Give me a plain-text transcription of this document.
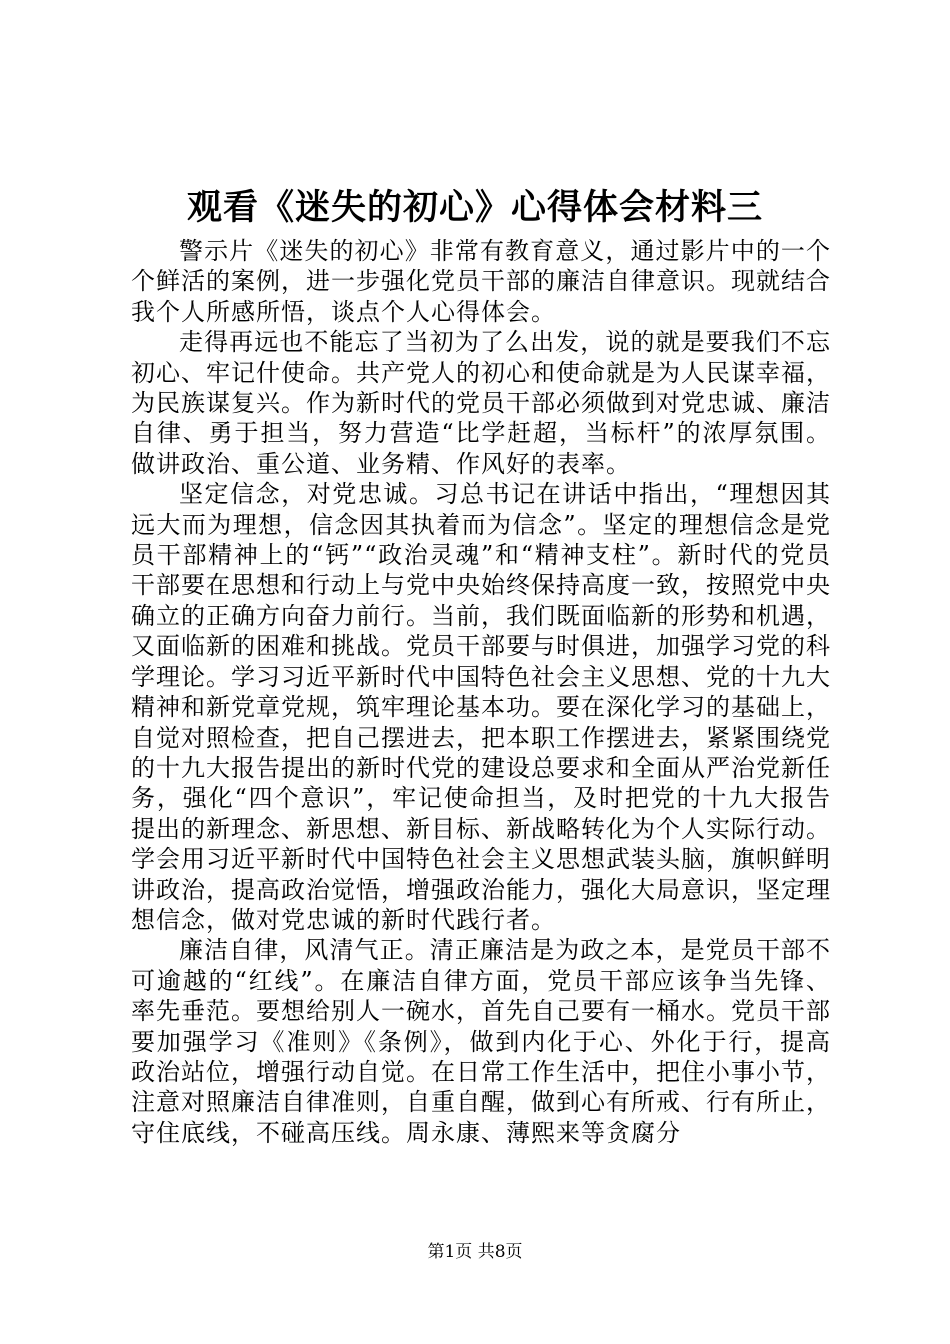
观看《迷失的初心》心得体会材料三

警示片《迷失的初心》非常有教育意义，通过影片中的一个个鲜活的案例，进一步强化党员干部的廉洁自律意识。现就结合我个人所感所悟，谈点个人心得体会。

走得再远也不能忘了当初为了么出发，说的就是要我们不忘初心、牢记什使命。共产党人的初心和使命就是为人民谋幸福，为民族谋复兴。作为新时代的党员干部必须做到对党忠诚、廉洁自律、勇于担当，努力营造“比学赶超，当标杆”的浓厚氛围。做讲政治、重公道、业务精、作风好的表率。

坚定信念，对党忠诚。习总书记在讲话中指出，“理想因其远大而为理想，信念因其执着而为信念”。坚定的理想信念是党员干部精神上的“钙”“政治灵魂”和“精神支柱”。新时代的党员干部要在思想和行动上与党中央始终保持高度一致，按照党中央确立的正确方向奋力前行。当前，我们既面临新的形势和机遇，又面临新的困难和挑战。党员干部要与时俱进，加强学习党的科学理论。学习习近平新时代中国特色社会主义思想、党的十九大精神和新党章党规，筑牢理论基本功。要在深化学习的基础上，自觉对照检查，把自己摆进去，把本职工作摆进去，紧紧围绕党的十九大报告提出的新时代党的建设总要求和全面从严治党新任务，强化“四个意识”，牢记使命担当，及时把党的十九大报告提出的新理念、新思想、新目标、新战略转化为个人实际行动。学会用习近平新时代中国特色社会主义思想武装头脑，旗帜鲜明讲政治，提高政治觉悟，增强政治能力，强化大局意识，坚定理想信念，做对党忠诚的新时代践行者。

廉洁自律，风清气正。清正廉洁是为政之本，是党员干部不可逾越的“红线”。在廉洁自律方面，党员干部应该争当先锋、率先垂范。要想给别人一碗水，首先自己要有一桶水。党员干部要加强学习《准则》《条例》，做到内化于心、外化于行，提高政治站位，增强行动自觉。在日常工作生活中，把住小事小节，注意对照廉洁自律准则，自重自醒，做到心有所戒、行有所止，守住底线，不碰高压线。周永康、薄熙来等贪腐分

第1页 共8页
